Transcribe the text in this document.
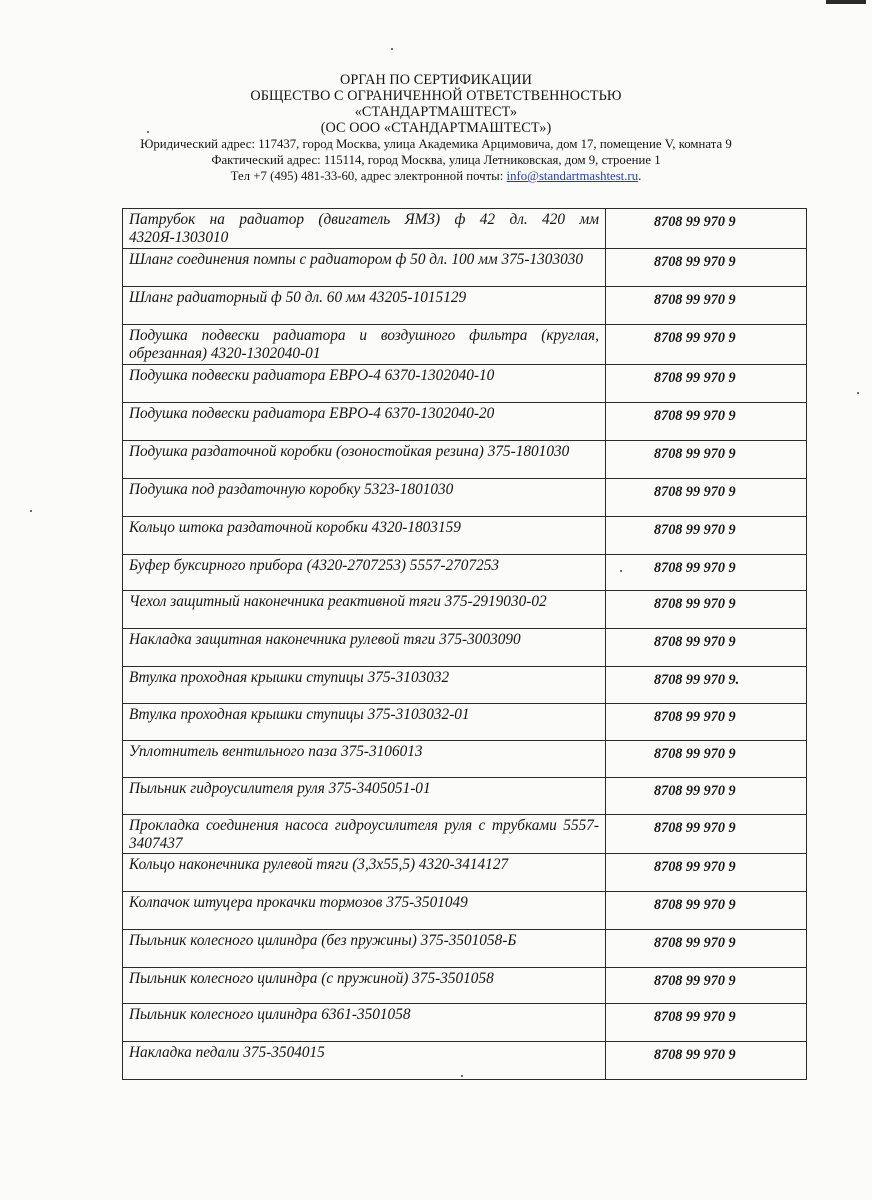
ОРГАН ПО СЕРТИФИКАЦИИ
ОБЩЕСТВО С ОГРАНИЧЕННОЙ ОТВЕТСТВЕННОСТЬЮ
«СТАНДАРТМАШТЕСТ»
(ОС ООО «СТАНДАРТМАШТЕСТ»)
Юридический адрес: 117437, город Москва, улица Академика Арцимовича, дом 17, помещение V, комната 9
Фактический адрес: 115114, город Москва, улица Летниковская, дом 9, строение 1
Тел +7 (495) 481-33-60, адрес электронной почты: info@standartmashtest.ru.
Патрубок на радиатор (двигатель ЯМЗ) ф 42 дл. 420 мм 4320Я-1303010	8708 99 970 9
Шланг соединения помпы с радиатором ф 50 дл. 100 мм 375-1303030	8708 99 970 9
Шланг радиаторный ф 50 дл. 60 мм 43205-1015129	8708 99 970 9
Подушка подвески радиатора и воздушного фильтра (круглая, обрезанная) 4320-1302040-01	8708 99 970 9
Подушка подвески радиатора ЕВРО-4 6370-1302040-10	8708 99 970 9
Подушка подвески радиатора ЕВРО-4 6370-1302040-20	8708 99 970 9
Подушка раздаточной коробки (озоностойкая резина) 375-1801030	8708 99 970 9
Подушка под раздаточную коробку 5323-1801030	8708 99 970 9
Кольцо штока раздаточной коробки 4320-1803159	8708 99 970 9
Буфер буксирного прибора (4320-2707253) 5557-2707253	8708 99 970 9
Чехол защитный наконечника реактивной тяги 375-2919030-02	8708 99 970 9
Накладка защитная наконечника рулевой тяги 375-3003090	8708 99 970 9
Втулка проходная крышки ступицы 375-3103032	8708 99 970 9.
Втулка проходная крышки ступицы 375-3103032-01	8708 99 970 9
Уплотнитель вентильного паза 375-3106013	8708 99 970 9
Пыльник гидроусилителя руля 375-3405051-01	8708 99 970 9
Прокладка соединения насоса гидроусилителя руля с трубками 5557-3407437	8708 99 970 9
Кольцо наконечника рулевой тяги (3,3х55,5) 4320-3414127	8708 99 970 9
Колпачок штуцера прокачки тормозов 375-3501049	8708 99 970 9
Пыльник колесного цилиндра (без пружины) 375-3501058-Б	8708 99 970 9
Пыльник колесного цилиндра (с пружиной) 375-3501058	8708 99 970 9
Пыльник колесного цилиндра 6361-3501058	8708 99 970 9
Накладка педали 375-3504015	8708 99 970 9
